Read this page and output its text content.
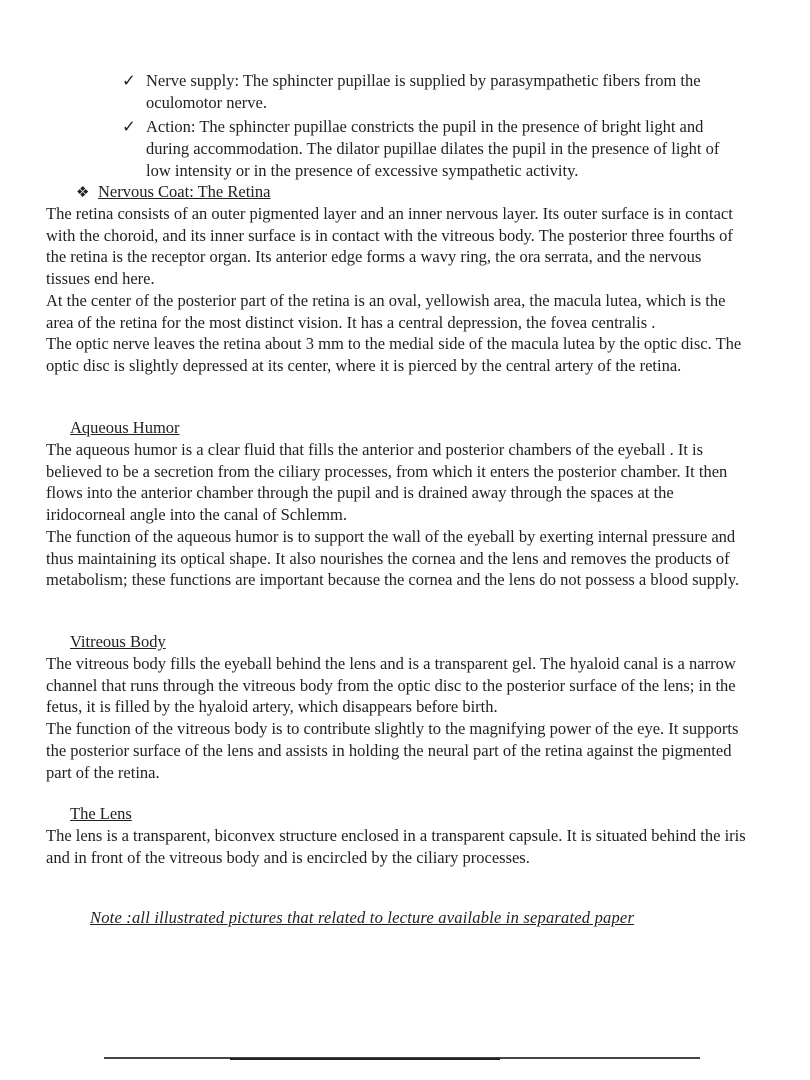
✓ Nerve supply: The sphincter pupillae is supplied by parasympathetic fibers from the oculomotor nerve.
✓ Action: The sphincter pupillae constricts the pupil in the presence of bright light and during accommodation. The dilator pupillae dilates the pupil in the presence of light of low intensity or in the presence of excessive sympathetic activity.
❖ Nervous Coat: The Retina

The retina consists of an outer pigmented layer and an inner nervous layer. Its outer surface is in contact with the choroid, and its inner surface is in contact with the vitreous body. The posterior three fourths of the retina is the receptor organ. Its anterior edge forms a wavy ring, the ora serrata, and the nervous tissues end here.

At the center of the posterior part of the retina is an oval, yellowish area, the macula lutea, which is the area of the retina for the most distinct vision. It has a central depression, the fovea centralis .

The optic nerve leaves the retina about 3 mm to the medial side of the macula lutea by the optic disc. The optic disc is slightly depressed at its center, where it is pierced by the central artery of the retina.

Aqueous Humor

The aqueous humor is a clear fluid that fills the anterior and posterior chambers of the eyeball . It is believed to be a secretion from the ciliary processes, from which it enters the posterior chamber. It then flows into the anterior chamber through the pupil and is drained away through the spaces at the iridocorneal angle into the canal of Schlemm.

The function of the aqueous humor is to support the wall of the eyeball by exerting internal pressure and thus maintaining its optical shape. It also nourishes the cornea and the lens and removes the products of metabolism; these functions are important because the cornea and the lens do not possess a blood supply.

Vitreous Body

The vitreous body fills the eyeball behind the lens and is a transparent gel. The hyaloid canal is a narrow channel that runs through the vitreous body from the optic disc to the posterior surface of the lens; in the fetus, it is filled by the hyaloid artery, which disappears before birth.

The function of the vitreous body is to contribute slightly to the magnifying power of the eye. It supports the posterior surface of the lens and assists in holding the neural part of the retina against the pigmented part of the retina.

The Lens

The lens is a transparent, biconvex structure enclosed in a transparent capsule. It is situated behind the iris and in front of the vitreous body and is encircled by the ciliary processes.

Note :all illustrated pictures that related to lecture available in separated paper
